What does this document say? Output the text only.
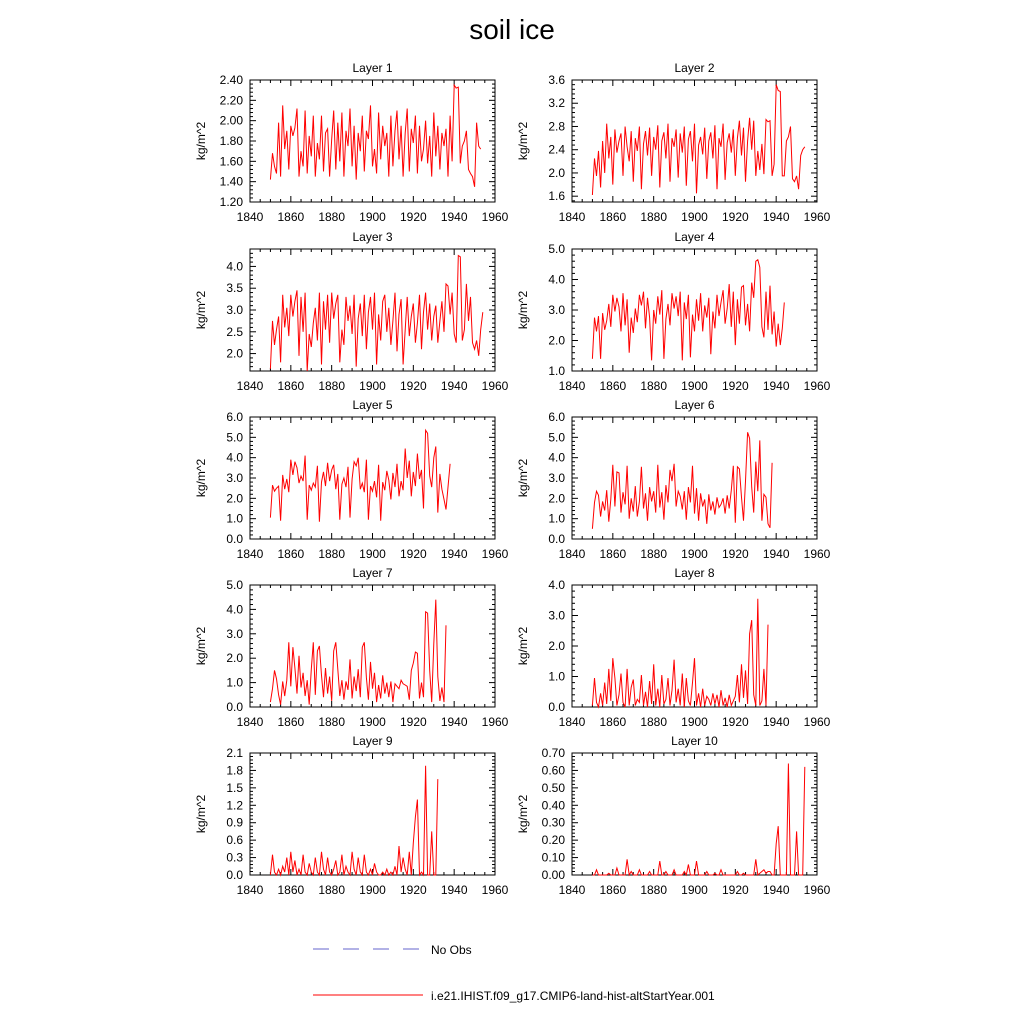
soil ice
Layer 1
1840 1860 1880 1900 1920 1940 1960
1.20
1.40
1.60
1.80
2.00
2.20
2.40
kg/m^2
Layer 2
1840 1860 1880 1900 1920 1940 1960
1.6
2.0
2.4
2.8
3.2
3.6
kg/m^2
Layer 3
1840 1860 1880 1900 1920 1940 1960
2.0
2.5
3.0
3.5
4.0
kg/m^2
Layer 4
1840 1860 1880 1900 1920 1940 1960
1.0
2.0
3.0
4.0
5.0
kg/m^2
Layer 5
1840 1860 1880 1900 1920 1940 1960
0.0
1.0
2.0
3.0
4.0
5.0
6.0
kg/m^2
Layer 6
1840 1860 1880 1900 1920 1940 1960
0.0
1.0
2.0
3.0
4.0
5.0
6.0
kg/m^2
Layer 7
1840 1860 1880 1900 1920 1940 1960
0.0
1.0
2.0
3.0
4.0
5.0
kg/m^2
Layer 8
1840 1860 1880 1900 1920 1940 1960
0.0
1.0
2.0
3.0
4.0
kg/m^2
Layer 9
1840 1860 1880 1900 1920 1940 1960
0.0
0.3
0.6
0.9
1.2
1.5
1.8
2.1
kg/m^2
Layer 10
1840 1860 1880 1900 1920 1940 1960
0.00
0.10
0.20
0.30
0.40
0.50
0.60
0.70
kg/m^2
No Obs
i.e21.IHIST.f09_g17.CMIP6-land-hist-altStartYear.001
